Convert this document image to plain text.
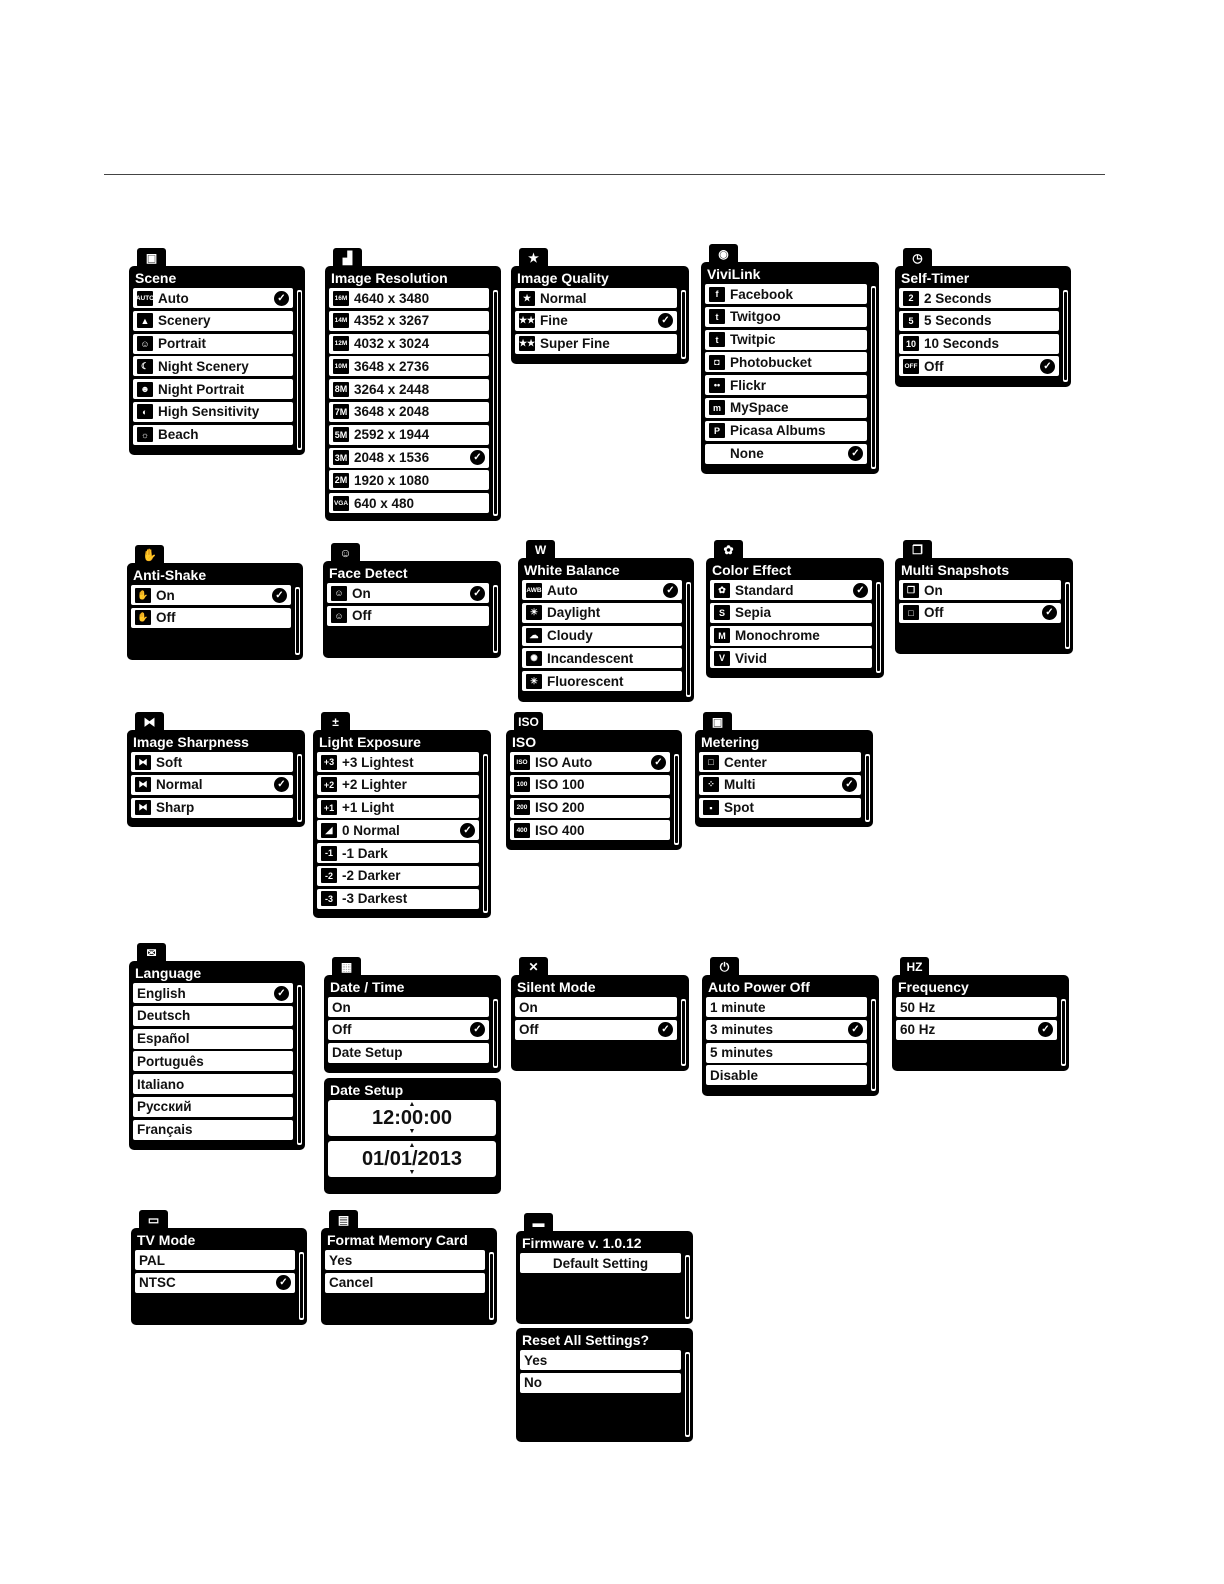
▣
Scene
AUTO Auto	✓
▲ Scenery
☺ Portrait
☾ Night Scenery
☻ Night Portrait
◐ High Sensitivity
☼ Beach
▟
Image Resolution
16M 4640 x 3480
14M 4352 x 3267
12M 4032 x 3024
10M 3648 x 2736
8M 3264 x 2448
7M 3648 x 2048
5M 2592 x 1944
3M 2048 x 1536	✓
2M 1920 x 1080
VGA 640 x 480
★
Image Quality
★ Normal
★★ Fine	✓
★★ Super Fine
◉
ViviLink
f Facebook
t Twitgoo
t Twitpic
◘ Photobucket
•• Flickr
m MySpace
P Picasa Albums
None	✓
◷
Self-Timer
2 2 Seconds
5 5 Seconds
10 10 Seconds
OFF Off	✓
✋
Anti-Shake
✋ On	✓
✋ Off
☺
Face Detect
☺ On	✓
☺ Off
W
White Balance
AWB Auto	✓
☀ Daylight
☁ Cloudy
✺ Incandescent
✳ Fluorescent
✿
Color Effect
✿ Standard	✓
S Sepia
M Monochrome
V Vivid
❐
Multi Snapshots
❐ On
□ Off	✓
⧓
Image Sharpness
⧓ Soft
⧓ Normal	✓
⧓ Sharp
±
Light Exposure
+3 +3 Lightest
+2 +2 Lighter
+1 +1 Light
◢ 0 Normal	✓
-1 -1 Dark
-2 -2 Darker
-3 -3 Darkest
ISO
ISO
ISO ISO Auto	✓
100 ISO 100
200 ISO 200
400 ISO 400
▣
Metering
□ Center
⁘ Multi	✓
▪ Spot
✉
Language
English	✓
Deutsch
Español
Português
Italiano
Русский
Français
▦
Date / Time
On
Off	✓
Date Setup
✕
Silent Mode
On
Off	✓
⏻
Auto Power Off
1 minute
3 minutes	✓
5 minutes
Disable
HZ
Frequency
50 Hz
60 Hz	✓
Date Setup
▲
12:00:00
▼
▲
01/01/2013
▼
▭
TV Mode
PAL
NTSC	✓
▤
Format Memory Card
Yes
Cancel
▬
Firmware v. 1.0.12
Default Setting
Reset All Settings?
Yes
No
